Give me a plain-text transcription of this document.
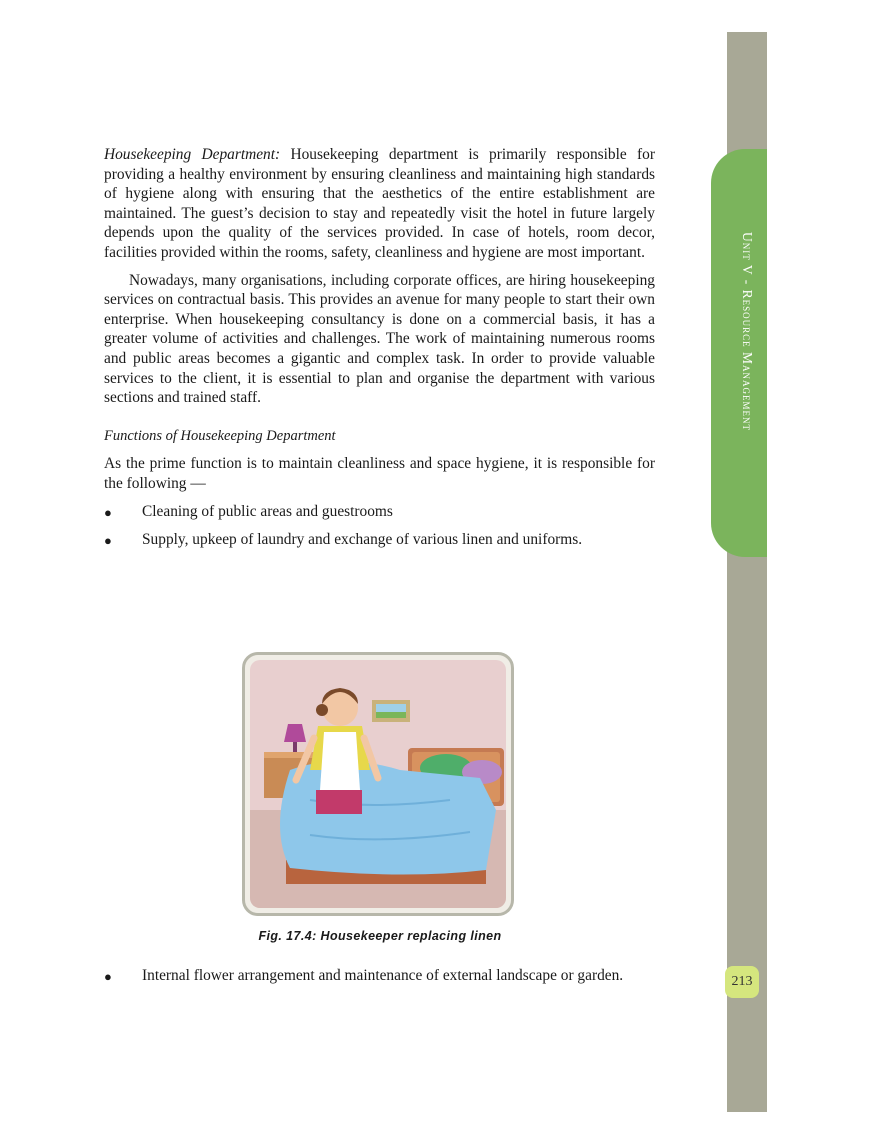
Unit V - Resource Management
213

Housekeeping Department: Housekeeping department is primarily responsible for providing a healthy environment by ensuring cleanliness and maintaining high standards of hygiene along with ensuring that the aesthetics of the entire establishment are maintained. The guest’s decision to stay and repeatedly visit the hotel in future largely depends upon the quality of the services provided. In case of hotels, room decor, facilities provided within the rooms, safety, cleanliness and hygiene are most important.

Nowadays, many organisations, including corporate offices, are hiring housekeeping services on contractual basis. This provides an avenue for many people to start their own enterprise. When housekeeping consultancy is done on a commercial basis, it has a greater volume of activities and challenges. The work of maintaining numerous rooms and public areas becomes a gigantic and complex task. In order to provide valuable services to the client, it is essential to plan and organise the department with various sections and trained staff.

Functions of Housekeeping Department

As the prime function is to maintain cleanliness and space hygiene, it is responsible for the following —

●	Cleaning of public areas and guestrooms
●	Supply, upkeep of laundry and exchange of various linen and uniforms.
Fig. 17.4: Housekeeper replacing linen
●	Internal flower arrangement and maintenance of external landscape or garden.
